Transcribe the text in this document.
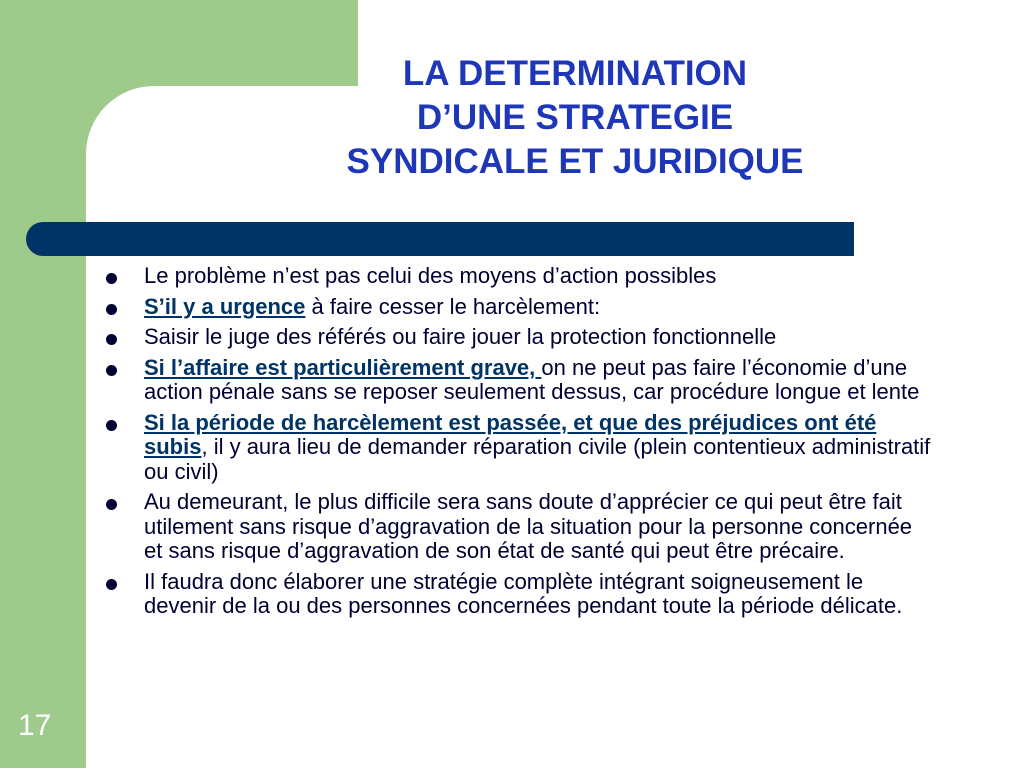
LA DETERMINATION
D’UNE STRATEGIE
SYNDICALE ET JURIDIQUE
Le problème n’est pas celui des moyens d’action possibles
S’il y a urgence à faire cesser le harcèlement:
Saisir le juge des référés ou faire jouer la protection fonctionnelle
Si l’affaire est particulièrement grave, on ne peut pas faire l’économie d’une action pénale sans se reposer seulement dessus, car procédure longue et lente
Si la période de harcèlement est passée, et que des préjudices ont été subis, il y aura lieu de demander réparation civile (plein contentieux administratif ou civil)
Au demeurant, le plus difficile sera sans doute d’apprécier ce qui peut être fait utilement sans risque d’aggravation de la situation pour la personne concernée et sans risque d’aggravation de son état de santé qui peut être précaire.
Il faudra donc élaborer une stratégie complète intégrant soigneusement le devenir de la ou des personnes concernées pendant toute la période délicate.
17
